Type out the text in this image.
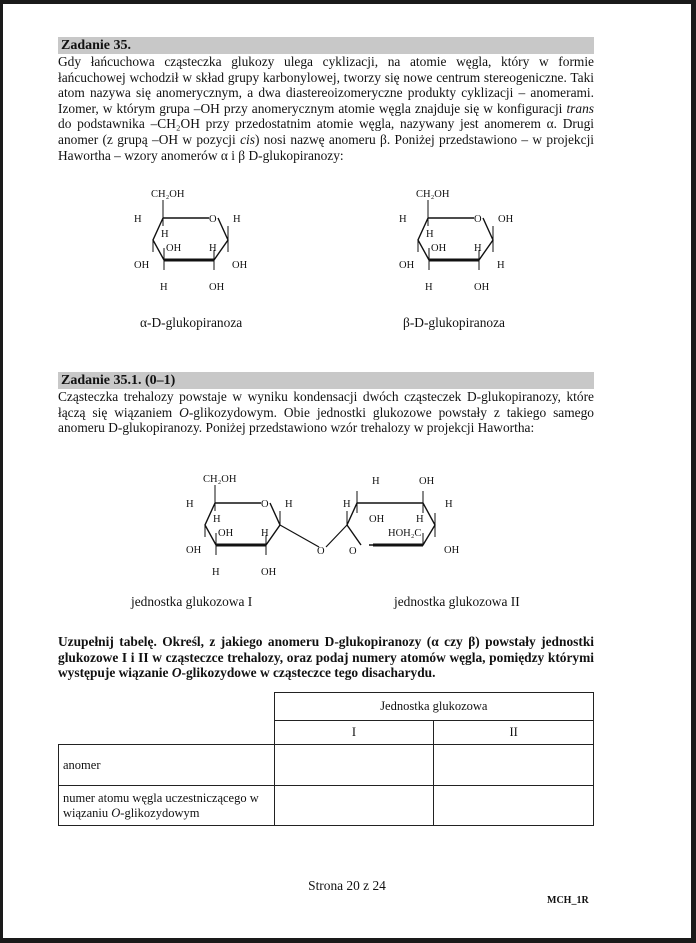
Zadanie 35.

Gdy łańcuchowa cząsteczka glukozy ulega cyklizacji, na atomie węgla, który w formie łańcuchowej wchodził w skład grupy karbonylowej, tworzy się nowe centrum stereogeniczne. Taki atom nazywa się anomerycznym, a dwa diastereoizomeryczne produkty cyklizacji – anomerami. Izomer, w którym grupa –OH przy anomerycznym atomie węgla znajduje się w konfiguracji trans do podstawnika –CH₂OH przy przedostatnim atomie węgla, nazywany jest anomerem α. Drugi anomer (z grupą –OH w pozycji cis) nosi nazwę anomeru β. Poniżej przedstawiono – w projekcji Hawortha – wzory anomerów α i β D-glukopiranozy:

CH₂OH
H	O H
H
OH	H
OH	OH
H	OH
α-D-glukopiranoza
CH₂OH
H	O OH
H
OH	H
OH	H
H	OH
β-D-glukopiranoza
Zadanie 35.1. (0–1)

Cząsteczka trehalozy powstaje w wyniku kondensacji dwóch cząsteczek D-glukopiranozy, które łączą się wiązaniem O-glikozydowym. Obie jednostki glukozowe powstały z takiego samego anomeru D-glukopiranozy. Poniżej przedstawiono wzór trehalozy w projekcji Hawortha:

CH₂OH
H	O H
H
OH	H
OH
H	OH
O O
H
H	OH
OH	H
H
HOH₂C
OH
jednostka glukozowa I	jednostka glukozowa II
Uzupełnij tabelę. Określ, z jakiego anomeru D-glukopiranozy (α czy β) powstały jednostki glukozowe I i II w cząsteczce trehalozy, oraz podaj numery atomów węgla, pomiędzy którymi występuje wiązanie O-glikozydowe w cząsteczce tego disacharydu.
	Jednostka glukozowa	
	I	II
anomer		
numer atomu węgla uczestniczącego w wiązaniu O-glikozydowym		
Strona 20 z 24
MCH_1R
